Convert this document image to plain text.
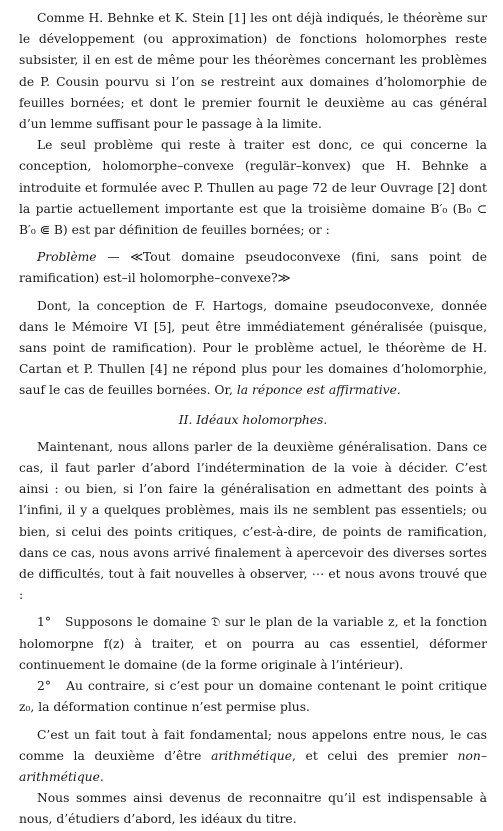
Comme H. Behnke et K. Stein [1] les ont déjà indiqués, le théorème sur le développement (ou approximation) de fonctions holomorphes reste subsister, il en est de même pour les théorèmes concernant les problèmes de P. Cousin pourvu si l’on se restreint aux domaines d’holomorphie de feuilles bornées; et dont le premier fournit le deuxième au cas général d’un lemme suffisant pour le passage à la limite.

Le seul problème qui reste à traiter est donc, ce qui concerne la conception, holomorphe–convexe (regulär–konvex) que H. Behnke a introduite et formulée avec P. Thullen au page 72 de leur Ouvrage [2] dont la partie actuellement importante est que la troisième domaine B′₀ (B₀ ⊂ B′₀ ⋐ B) est par définition de feuilles bornées; or :

Problème — ≪Tout domaine pseudoconvexe (fini, sans point de ramification) est–il holomorphe–convexe?≫

Dont, la conception de F. Hartogs, domaine pseudoconvexe, donnée dans le Mémoire VI [5], peut être immédiatement généralisée (puisque, sans point de ramification). Pour le problème actuel, le théorème de H. Cartan et P. Thullen [4] ne répond plus pour les domaines d’holomorphie, sauf le cas de feuilles bornées. Or, la réponce est affirmative.

II. Idéaux holomorphes.

Maintenant, nous allons parler de la deuxième généralisation. Dans ce cas, il faut parler d’abord l’indétermination de la voie à décider. C’est ainsi : ou bien, si l’on faire la généralisation en admettant des points à l’infini, il y a quelques problèmes, mais ils ne semblent pas essentiels; ou bien, si celui des points critiques, c’est-à-dire, de points de ramification, dans ce cas, nous avons arrivé finalement à apercevoir des diverses sortes de difficultés, tout à fait nouvelles à observer, ⋯ et nous avons trouvé que :

1° Supposons le domaine 𝔇 sur le plan de la variable z, et la fonction holomorpne f(z) à traiter, et on pourra au cas essentiel, déformer continuement le domaine (de la forme originale à l’intérieur).

2° Au contraire, si c’est pour un domaine contenant le point critique z₀, la déformation continue n’est permise plus.

C’est un fait tout à fait fondamental; nous appelons entre nous, le cas comme la deuxième d’être arithmétique, et celui des premier non–arithmétique.

Nous sommes ainsi devenus de reconnaitre qu’il est indispensable à nous, d’étudiers d’abord, les idéaux du titre.
